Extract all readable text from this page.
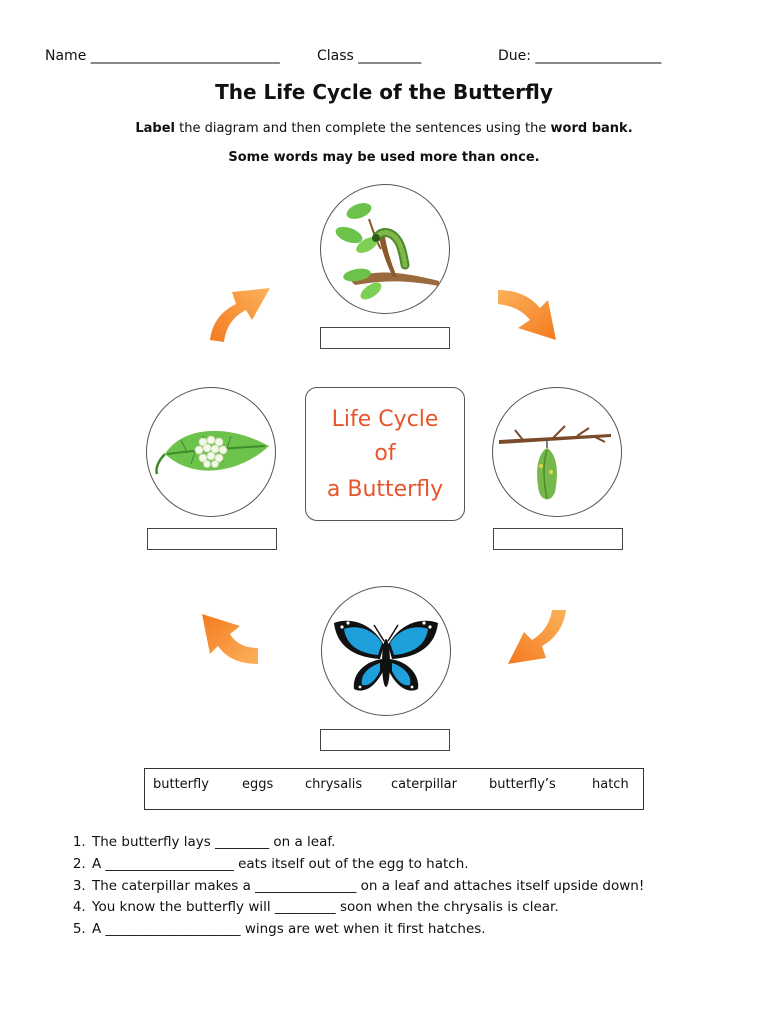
Name ___________________________	Class _________	Due: __________________
The Life Cycle of the Butterfly
Label the diagram and then complete the sentences using the word bank.
Some words may be used more than once.
Life Cycle
of
a Butterfly
butterfly	eggs chrysalis caterpillar butterfly’s	hatch
1. The butterfly lays ________ on a leaf.
2. A ___________________ eats itself out of the egg to hatch.
3. The caterpillar makes a _______________ on a leaf and attaches itself upside down!
4. You know the butterfly will _________ soon when the chrysalis is clear.
5. A ____________________ wings are wet when it first hatches.
